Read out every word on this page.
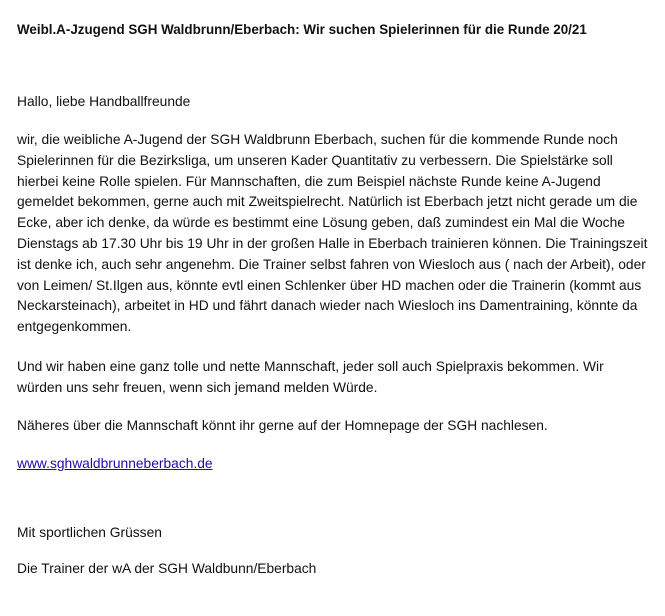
Weibl.A-Jzugend SGH Waldbrunn/Eberbach: Wir suchen Spielerinnen für die Runde 20/21

Hallo, liebe Handballfreunde

wir, die weibliche A-Jugend der SGH Waldbrunn Eberbach, suchen für die kommende Runde noch Spielerinnen für die Bezirksliga, um unseren Kader Quantitativ zu verbessern. Die Spielstärke soll hierbei keine Rolle spielen. Für Mannschaften, die zum Beispiel nächste Runde keine A-Jugend gemeldet bekommen, gerne auch mit Zweitspielrecht. Natürlich ist Eberbach jetzt nicht gerade um die Ecke, aber ich denke, da würde es bestimmt eine Lösung geben, daß zumindest ein Mal die Woche Dienstags ab 17.30 Uhr bis 19 Uhr in der großen Halle in Eberbach trainieren können. Die Trainingszeit ist denke ich, auch sehr angenehm. Die Trainer selbst fahren von Wiesloch aus ( nach der Arbeit), oder von Leimen/ St.Ilgen aus, könnte evtl einen Schlenker über HD machen oder die Trainerin (kommt aus Neckarsteinach), arbeitet in HD und fährt danach wieder nach Wiesloch ins Damentraining, könnte da entgegenkommen.

Und wir haben eine ganz tolle und nette Mannschaft, jeder soll auch Spielpraxis bekommen. Wir würden uns sehr freuen, wenn sich jemand melden Würde.

Näheres über die Mannschaft könnt ihr gerne auf der Homnepage der SGH nachlesen.

www.sghwaldbrunneberbach.de

Mit sportlichen Grüssen

Die Trainer der wA der SGH Waldbunn/Eberbach
